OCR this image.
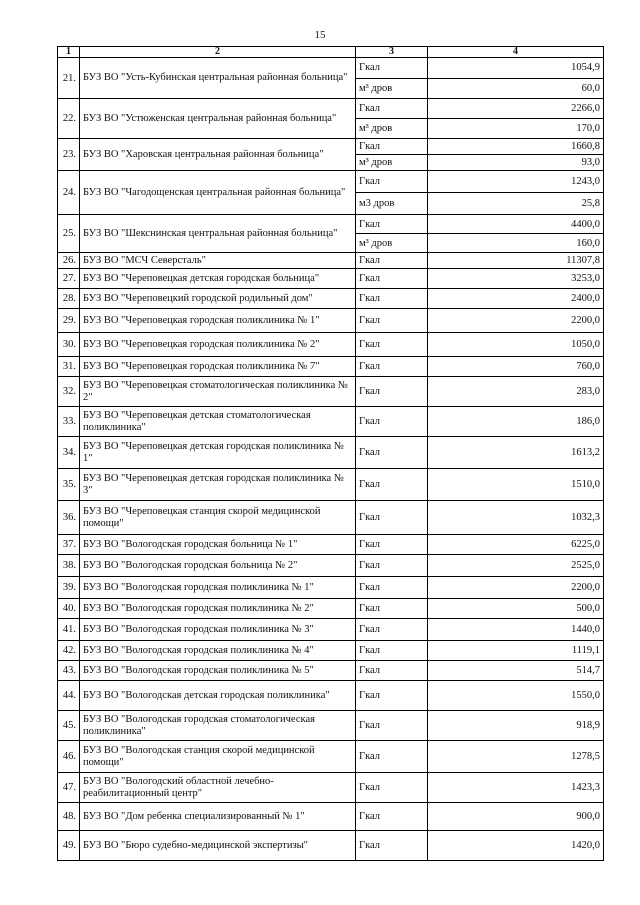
15
1	2	3	4
21.	БУЗ ВО "Усть-Кубинская центральная районная больница"	Гкал	1054,9
		м³ дров	60,0
22.	БУЗ ВО "Устюженская центральная районная больница"	Гкал	2266,0
		м³ дров	170,0
23.	БУЗ ВО "Харовская центральная районная больница"	Гкал	1660,8
		м³ дров	93,0
24.	БУЗ ВО "Чагодощенская центральная районная больница"	Гкал	1243,0
		м3 дров	25,8
25.	БУЗ ВО "Шекснинская центральная районная больница"	Гкал	4400,0
		м³ дров	160,0
26.	БУЗ ВО "МСЧ Северсталь"	Гкал	11307,8
27.	БУЗ ВО "Череповецкая детская городская больница"	Гкал	3253,0
28.	БУЗ ВО "Череповецкий городской родильный дом"	Гкал	2400,0
29.	БУЗ ВО "Череповецкая городская поликлиника № 1"	Гкал	2200,0
30.	БУЗ ВО "Череповецкая городская поликлиника № 2"	Гкал	1050,0
31.	БУЗ ВО "Череповецкая городская поликлиника № 7"	Гкал	760,0
32.	БУЗ ВО "Череповецкая стоматологическая поликлиника № 2"	Гкал	283,0
33.	БУЗ ВО "Череповецкая детская стоматологическая поликлиника"	Гкал	186,0
34.	БУЗ ВО "Череповецкая детская городская поликлиника № 1"	Гкал	1613,2
35.	БУЗ ВО "Череповецкая детская городская поликлиника № 3"	Гкал	1510,0
36.	БУЗ ВО "Череповецкая станция скорой медицинской помощи"	Гкал	1032,3
37.	БУЗ ВО "Вологодская городская больница № 1"	Гкал	6225,0
38.	БУЗ ВО "Вологодская городская больница № 2"	Гкал	2525,0
39.	БУЗ ВО "Вологодская городская поликлиника № 1"	Гкал	2200,0
40.	БУЗ ВО "Вологодская городская поликлиника № 2"	Гкал	500,0
41.	БУЗ ВО "Вологодская городская поликлиника № 3"	Гкал	1440,0
42.	БУЗ ВО "Вологодская городская поликлиника № 4"	Гкал	1119,1
43.	БУЗ ВО "Вологодская городская поликлиника № 5"	Гкал	514,7
44.	БУЗ ВО "Вологодская детская городская поликлиника"	Гкал	1550,0
45.	БУЗ ВО "Вологодская городская стоматологическая поликлиника"	Гкал	918,9
46.	БУЗ ВО "Вологодская станция скорой медицинской помощи"	Гкал	1278,5
47.	БУЗ ВО "Вологодский областной лечебно-реабилитационный центр"	Гкал	1423,3
48.	БУЗ ВО "Дом ребенка специализированный № 1"	Гкал	900,0
49.	БУЗ ВО "Бюро судебно-медицинской экспертизы"	Гкал	1420,0
